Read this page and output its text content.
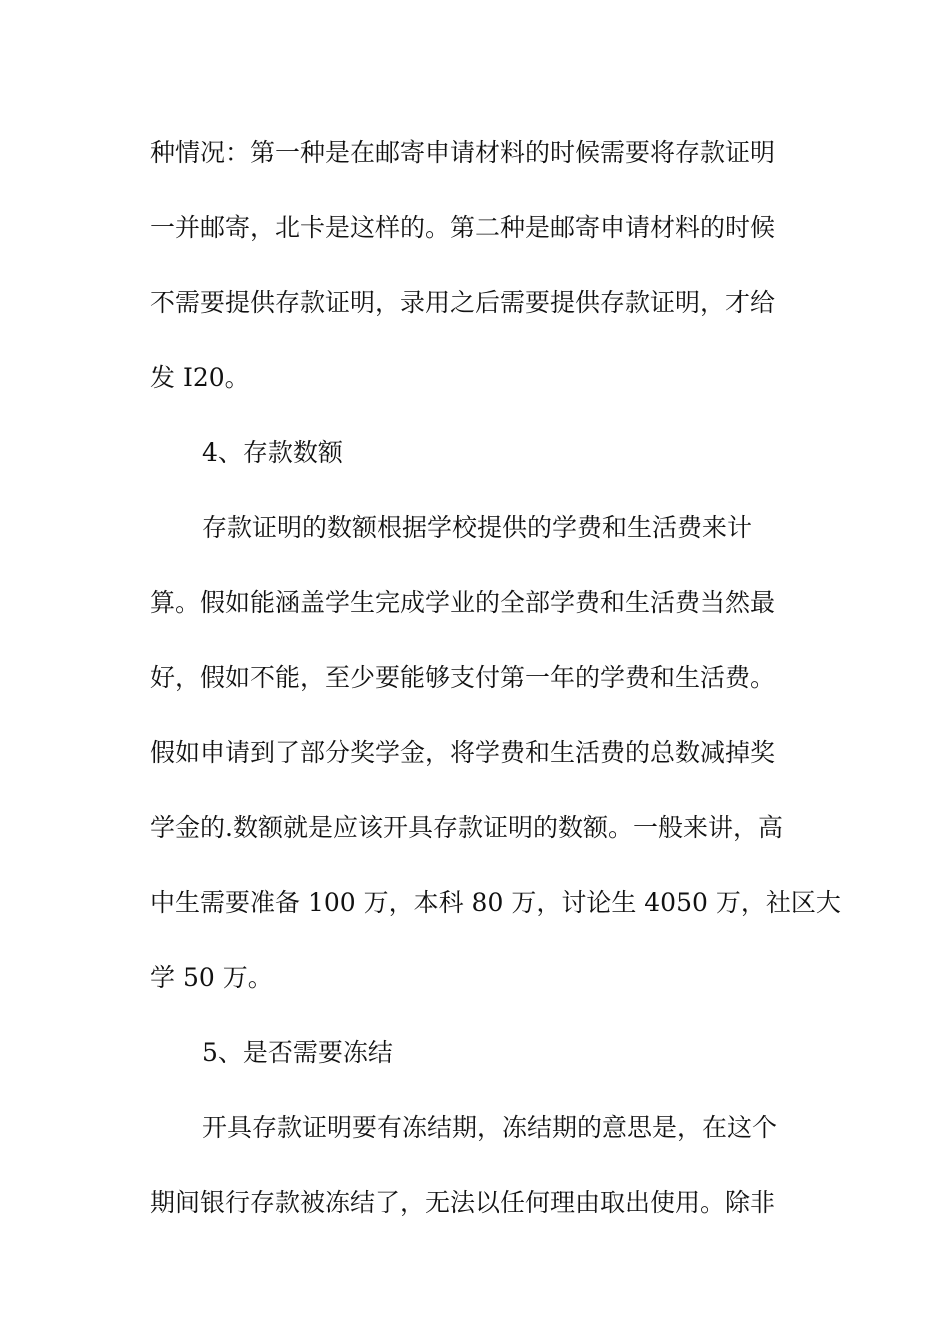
种情况：第一种是在邮寄申请材料的时候需要将存款证明
一并邮寄，北卡是这样的。第二种是邮寄申请材料的时候
不需要提供存款证明，录用之后需要提供存款证明，才给
发 I20。
4、存款数额
存款证明的数额根据学校提供的学费和生活费来计
算。假如能涵盖学生完成学业的全部学费和生活费当然最
好，假如不能，至少要能够支付第一年的学费和生活费。
假如申请到了部分奖学金，将学费和生活费的总数减掉奖
学金的.数额就是应该开具存款证明的数额。一般来讲，高
中生需要准备 100 万，本科 80 万，讨论生 4050 万，社区大
学 50 万。
5、是否需要冻结
开具存款证明要有冻结期，冻结期的意思是，在这个
期间银行存款被冻结了，无法以任何理由取出使用。除非
